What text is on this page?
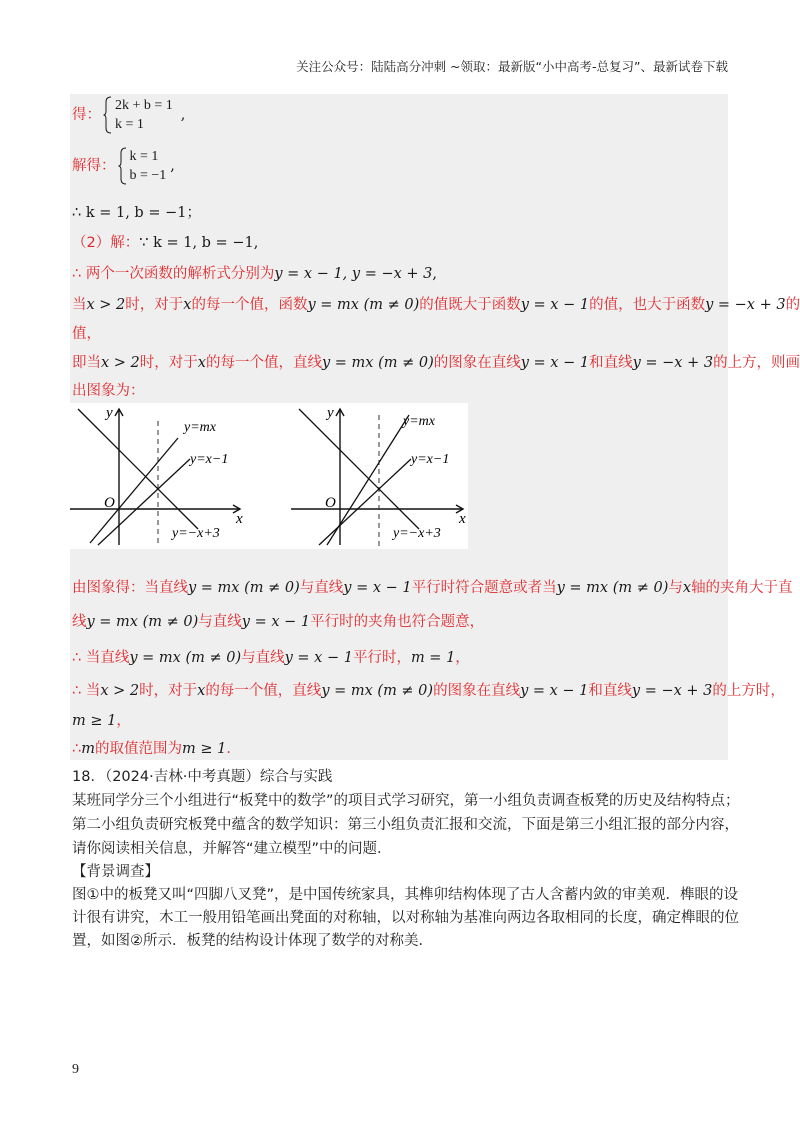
关注公众号：陆陆高分冲刺 ~领取：最新版“小中高考-总复习”、最新试卷下载
得：
2k + b = 1
k = 1
,
解得：
k = 1
b = −1
,
∴ k = 1, b = −1；
（2）解：∵ k = 1, b = −1,
∴ 两个一次函数的解析式分别为y = x − 1, y = −x + 3,
当x > 2时，对于x的每一个值，函数y = mx (m ≠ 0)的值既大于函数y = x − 1的值，也大于函数y = −x + 3的
值，
即当x > 2时，对于x的每一个值，直线y = mx (m ≠ 0)的图象在直线y = x − 1和直线y = −x + 3的上方，则画
出图象为：
O
y
x
y=mx
y=x−1
y=−x+3
O
y
x
y=mx
y=x−1
y=−x+3
由图象得：当直线y = mx (m ≠ 0)与直线y = x − 1平行时符合题意或者当y = mx (m ≠ 0)与x轴的夹角大于直
线y = mx (m ≠ 0)与直线y = x − 1平行时的夹角也符合题意，
∴ 当直线y = mx (m ≠ 0)与直线y = x − 1平行时，m = 1，
∴ 当x > 2时，对于x的每一个值，直线y = mx (m ≠ 0)的图象在直线y = x − 1和直线y = −x + 3的上方时，
m ≥ 1，
∴m的取值范围为m ≥ 1．
18．（2024·吉林·中考真题）综合与实践
某班同学分三个小组进行“板凳中的数学”的项目式学习研究，第一小组负责调查板凳的历史及结构特点；
第二小组负责研究板凳中蕴含的数学知识：第三小组负责汇报和交流，下面是第三小组汇报的部分内容，
请你阅读相关信息，并解答“建立模型”中的问题．
【背景调查】
图①中的板凳又叫“四脚八叉凳”，是中国传统家具，其榫卯结构体现了古人含蓄内敛的审美观．榫眼的设
计很有讲究，木工一般用铅笔画出凳面的对称轴，以对称轴为基准向两边各取相同的长度，确定榫眼的位
置，如图②所示．板凳的结构设计体现了数学的对称美．
9
